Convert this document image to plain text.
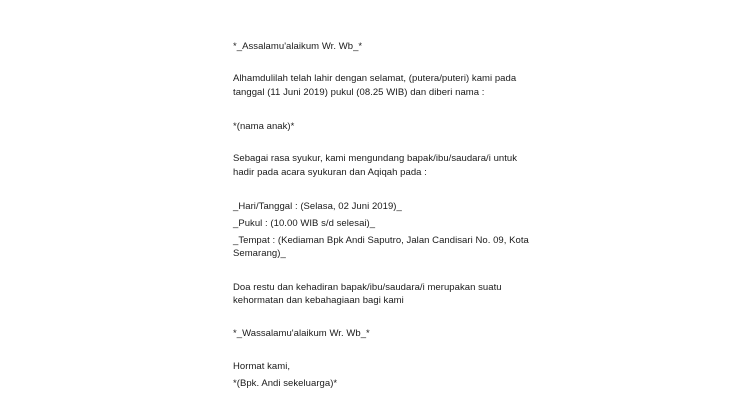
*_Assalamu'alaikum Wr. Wb_*
Alhamdulilah telah lahir dengan selamat, (putera/puteri) kami pada
tanggal (11 Juni 2019) pukul (08.25 WIB) dan diberi nama :
*(nama anak)*
Sebagai rasa syukur, kami mengundang bapak/ibu/saudara/i untuk
hadir pada acara syukuran dan Aqiqah pada :
_Hari/Tanggal : (Selasa, 02 Juni 2019)_
_Pukul : (10.00 WIB s/d selesai)_
_Tempat : (Kediaman Bpk Andi Saputro, Jalan Candisari No. 09, Kota
Semarang)_
Doa restu dan kehadiran bapak/ibu/saudara/i merupakan suatu
kehormatan dan kebahagiaan bagi kami
*_Wassalamu'alaikum Wr. Wb_*
Hormat kami,
*(Bpk. Andi sekeluarga)*
